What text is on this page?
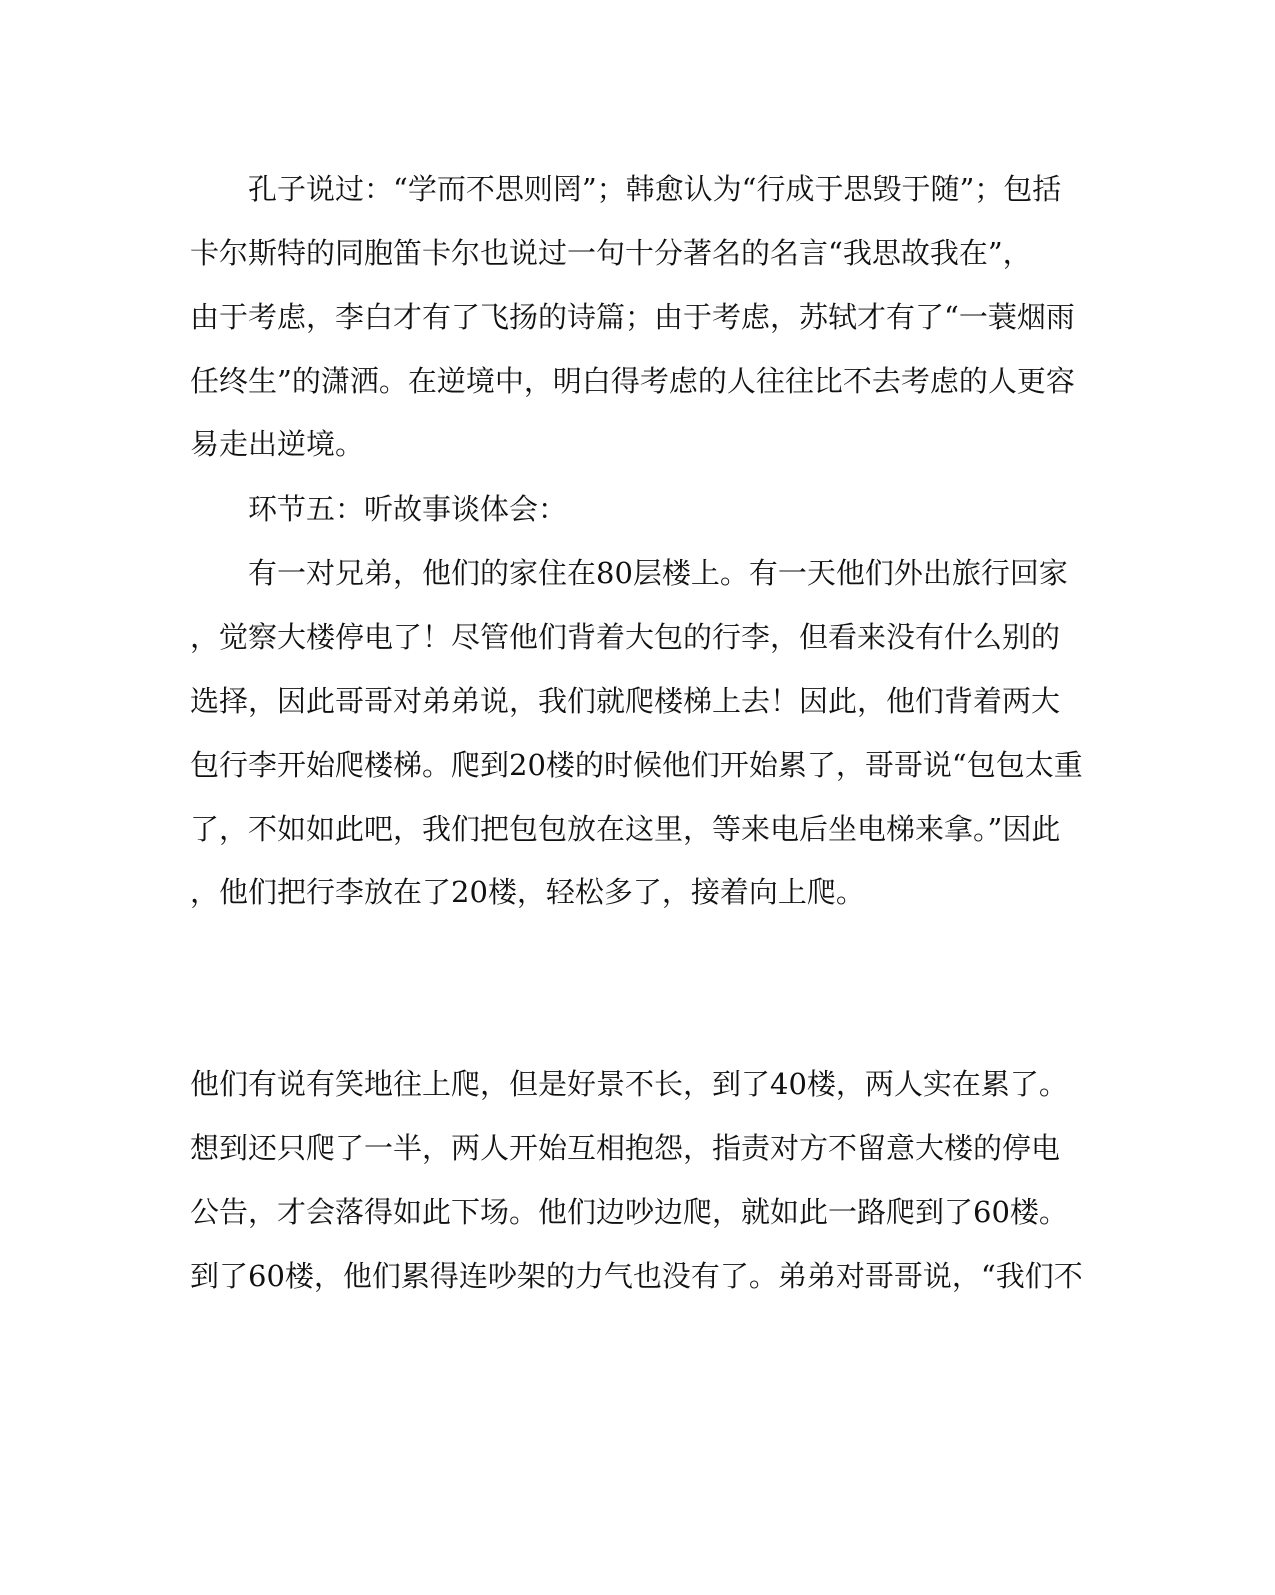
孔子说过：“学而不思则罔”；韩愈认为“行成于思毁于随”；包括

卡尔斯特的同胞笛卡尔也说过一句十分著名的名言“我思故我在”，

由于考虑，李白才有了飞扬的诗篇；由于考虑，苏轼才有了“一蓑烟雨

任终生”的潇洒。在逆境中，明白得考虑的人往往比不去考虑的人更容

易走出逆境。

环节五：听故事谈体会：

有一对兄弟，他们的家住在80层楼上。有一天他们外出旅行回家

，觉察大楼停电了！尽管他们背着大包的行李，但看来没有什么别的

选择，因此哥哥对弟弟说，我们就爬楼梯上去！因此，他们背着两大

包行李开始爬楼梯。爬到20楼的时候他们开始累了，哥哥说“包包太重

了，不如如此吧，我们把包包放在这里，等来电后坐电梯来拿。”因此

，他们把行李放在了20楼，轻松多了，接着向上爬。

他们有说有笑地往上爬，但是好景不长，到了40楼，两人实在累了。

想到还只爬了一半，两人开始互相抱怨，指责对方不留意大楼的停电

公告，才会落得如此下场。他们边吵边爬，就如此一路爬到了60楼。

到了60楼，他们累得连吵架的力气也没有了。弟弟对哥哥说，“我们不
